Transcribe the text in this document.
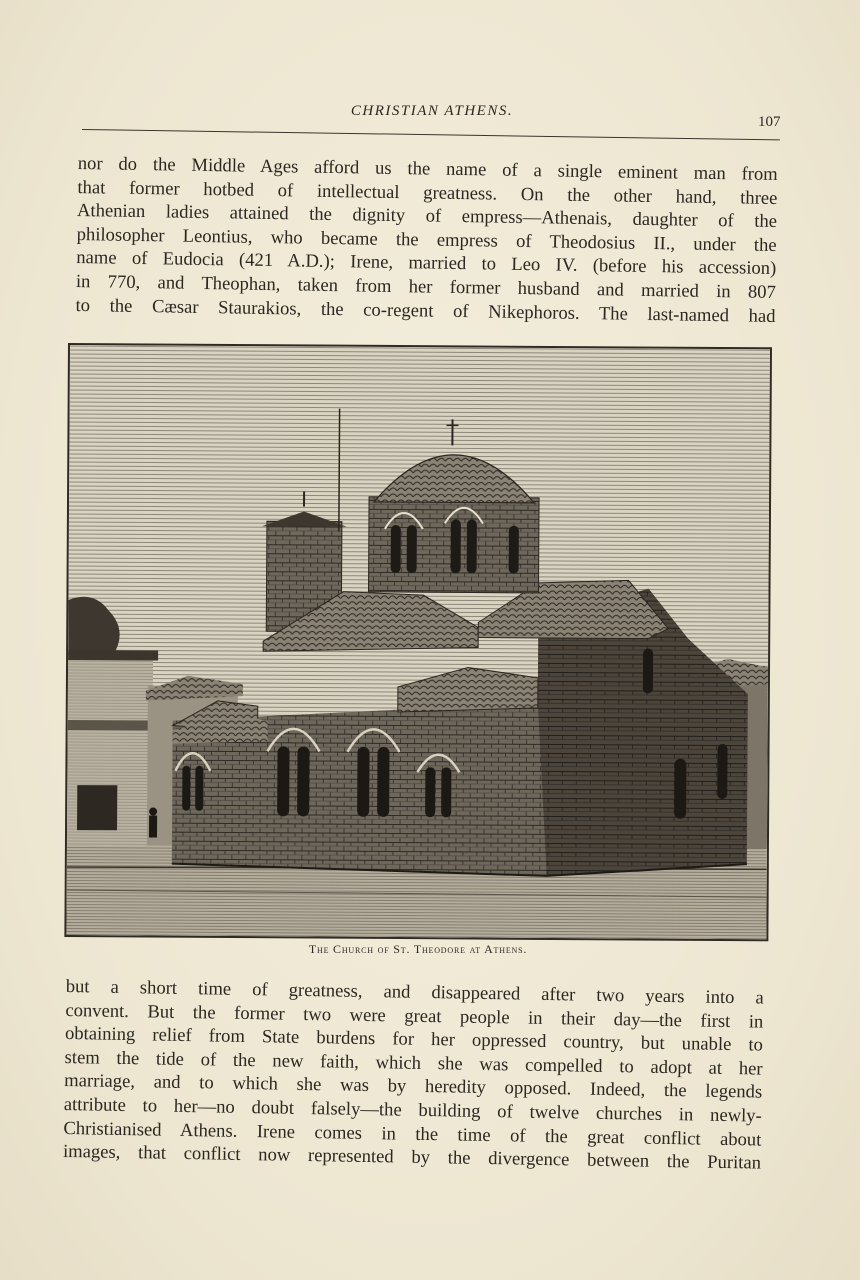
CHRISTIAN ATHENS.
107
nor do the Middle Ages afford us the name of a single eminent man from
that former hotbed of intellectual greatness. On the other hand, three
Athenian ladies attained the dignity of empress—Athenais, daughter of the
philosopher Leontius, who became the empress of Theodosius II., under the
name of Eudocia (421 A.D.); Irene, married to Leo IV. (before his accession)
in 770, and Theophan, taken from her former husband and married in 807
to the Cæsar Staurakios, the co-regent of Nikephoros. The last-named had
The Church of St. Theodore at Athens.
but a short time of greatness, and disappeared after two years into a
convent. But the former two were great people in their day—the first in
obtaining relief from State burdens for her oppressed country, but unable to
stem the tide of the new faith, which she was compelled to adopt at her
marriage, and to which she was by heredity opposed. Indeed, the legends
attribute to her—no doubt falsely—the building of twelve churches in newly-
Christianised Athens. Irene comes in the time of the great conflict about
images, that conflict now represented by the divergence between the Puritan
